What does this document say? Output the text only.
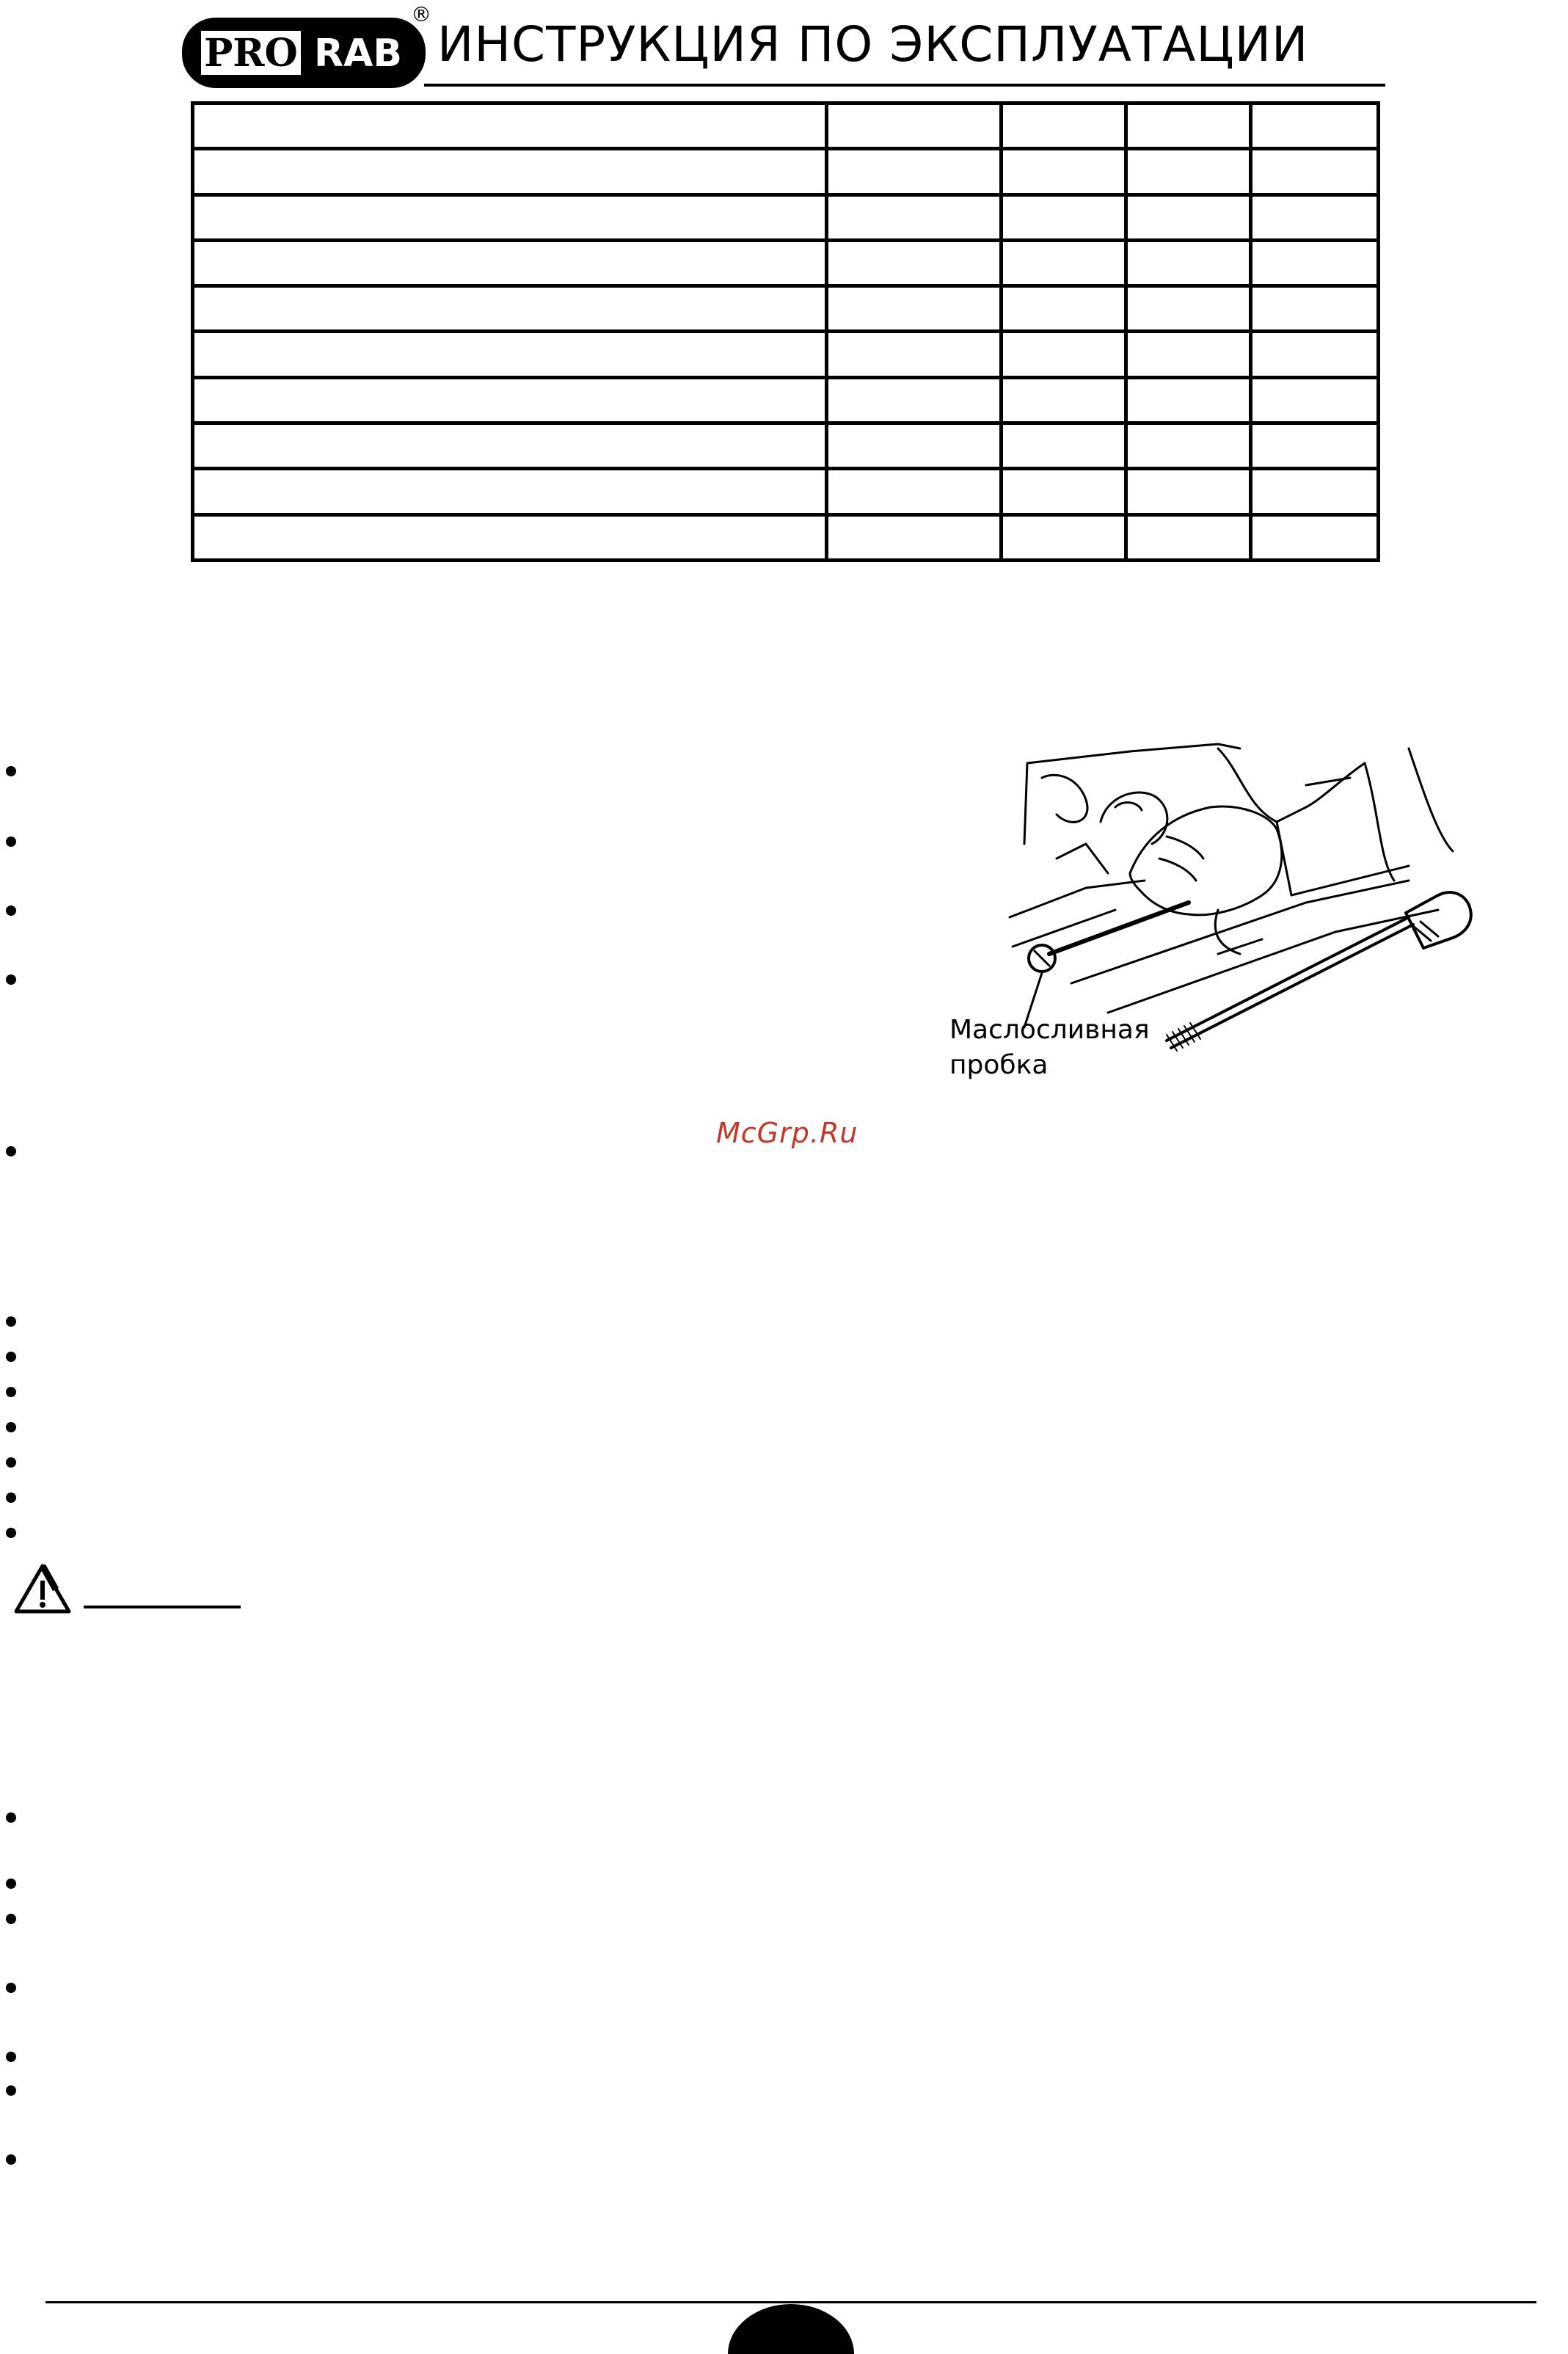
PRO RAB
®
ИНСТРУКЦИЯ ПО ЭКСПЛУАТАЦИИ

Маслосливная
пробка
McGrp.Ru
